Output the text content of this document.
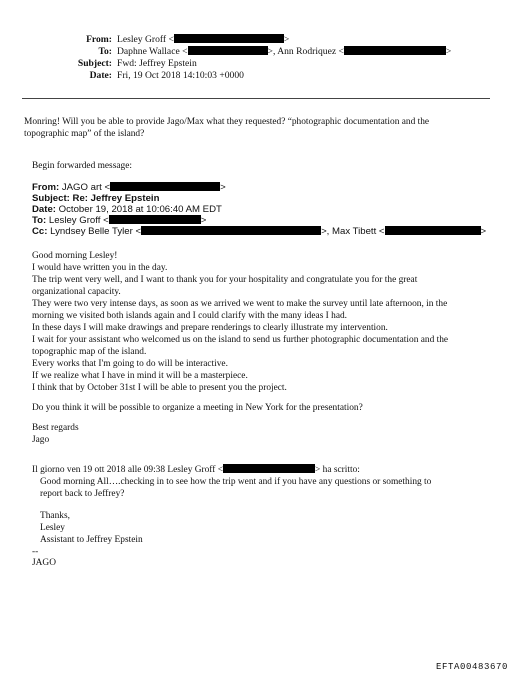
From: Lesley Groff <	>
To: Daphne Wallace <	>, Ann Rodriquez <	>
Subject: Fwd: Jeffrey Epstein
Date: Fri, 19 Oct 2018 14:10:03 +0000
Monring! Will you be able to provide Jago/Max what they requested? “photographic documentation and the
topographic map” of the island?
Begin forwarded message:
From: JAGO art <	>
Subject: Re: Jeffrey Epstein
Date: October 19, 2018 at 10:06:40 AM EDT
To: Lesley Groff <	>
Cc: Lyndsey Belle Tyler <	>, Max Tibett <	>
Good morning Lesley!
I would have written you in the day.
The trip went very well, and I want to thank you for your hospitality and congratulate you for the great
organizational capacity.
They were two very intense days, as soon as we arrived we went to make the survey until late afternoon, in the
morning we visited both islands again and I could clarify with the many ideas I had.
In these days I will make drawings and prepare renderings to clearly illustrate my intervention.
I wait for your assistant who welcomed us on the island to send us further photographic documentation and the
topographic map of the island.
Every works that I'm going to do will be interactive.
If we realize what I have in mind it will be a masterpiece.
I think that by October 31st I will be able to present you the project.
Do you think it will be possible to organize a meeting in New York for the presentation?
Best regards
Jago
Il giorno ven 19 ott 2018 alle 09:38 Lesley Groff <	> ha scritto:
Good morning All….checking in to see how the trip went and if you have any questions or something to
report back to Jeffrey?
Thanks,
Lesley
Assistant to Jeffrey Epstein
--
JAGO
EFTA00483670
